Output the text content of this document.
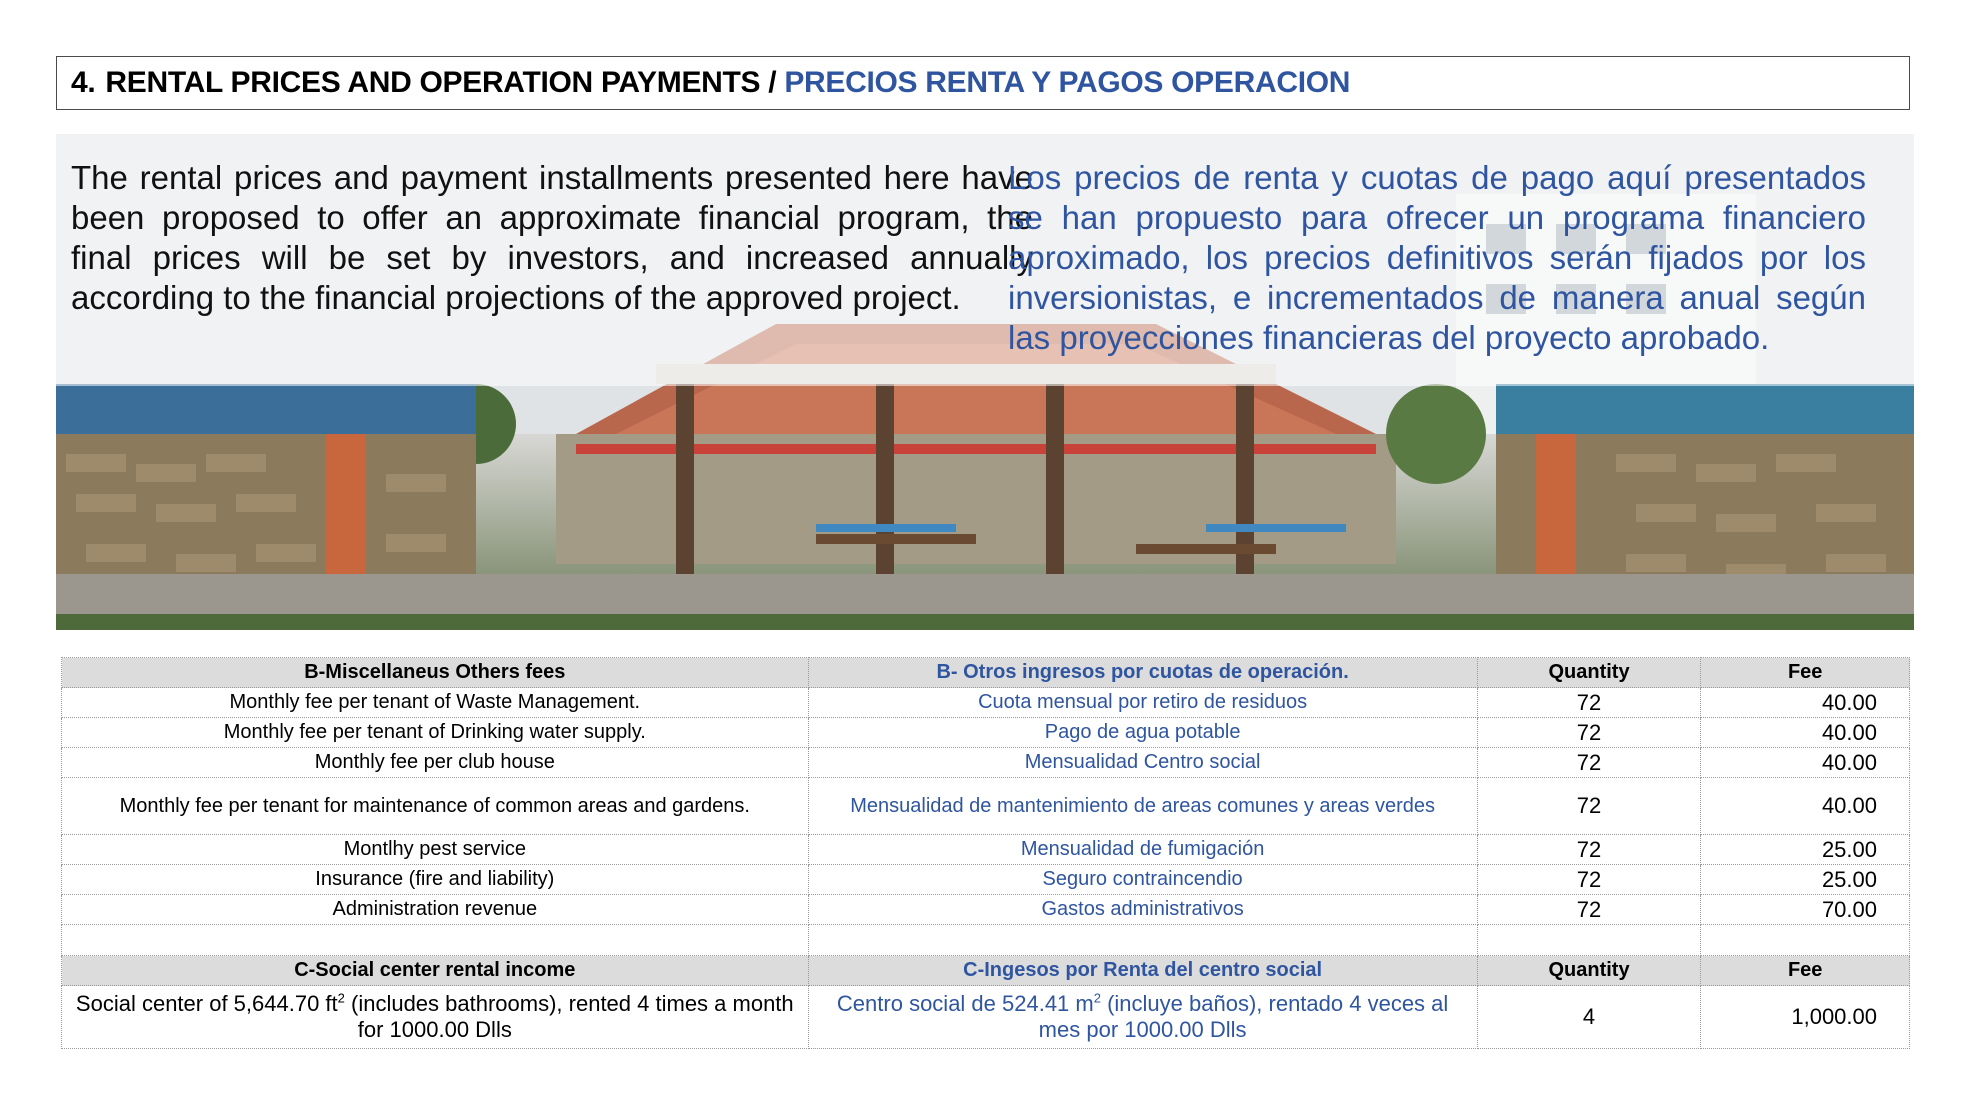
4. RENTAL PRICES AND OPERATION PAYMENTS / PRECIOS RENTA Y PAGOS OPERACION
The rental prices and payment installments presented here have been proposed to offer an approximate financial program, the final prices will be set by investors, and increased annually according to the financial projections of the approved project.
Los precios de renta y cuotas de pago aquí presentados se han propuesto para ofrecer un programa financiero aproximado, los precios definitivos serán fijados por los inversionistas, e incrementados de manera anual según las proyecciones financieras del proyecto aprobado.
B-Miscellaneus Others fees	B- Otros ingresos por cuotas de operación.	Quantity	Fee
Monthly fee per tenant of Waste Management.	Cuota mensual por retiro de residuos	72	40.00
Monthly fee per tenant of Drinking water supply.	Pago de agua potable	72	40.00
Monthly fee per club house	Mensualidad Centro social	72	40.00
Monthly fee per tenant for maintenance of common areas and gardens.	Mensualidad de mantenimiento de areas comunes y areas verdes	72	40.00
Montlhy pest service	Mensualidad de fumigación	72	25.00
Insurance (fire and liability)	Seguro contraincendio	72	25.00
Administration revenue	Gastos administrativos	72	70.00

C-Social center rental income	C-Ingesos por Renta del centro social	Quantity	Fee
Social center of 5,644.70 $ft^2$ (includes bathrooms), rented 4 times a month for 1000.00 Dlls	Centro social de 524.41 $m^2$ (incluye baños), rentado 4 veces al mes por 1000.00 Dlls	4	1,000.00
